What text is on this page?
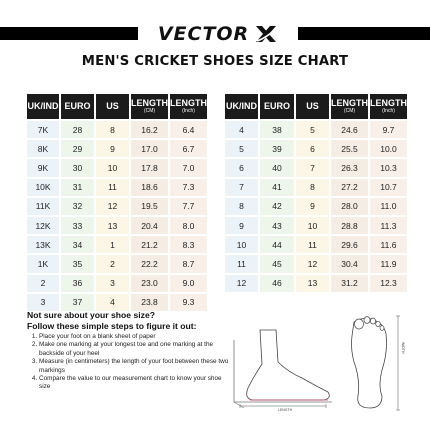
VECTOR
MEN'S CRICKET SHOES SIZE CHART
UK/IND	EURO	US	LENGTH
(CM)	LENGTH
(Inch)

7K	28	8	16.2	6.4
8K	29	9	17.0	6.7
9K	30	10	17.8	7.0
10K	31	11	18.6	7.3
11K	32	12	19.5	7.7
12K	33	13	20.4	8.0
13K	34	1	21.2	8.3
1K	35	2	22.2	8.7
2	36	3	23.0	9.0
3	37	4	23.8	9.3
UK/IND	EURO	US	LENGTH
(CM)	LENGTH
(Inch)

4	38	5	24.6	9.7
5	39	6	25.5	10.0
6	40	7	26.3	10.3
7	41	8	27.2	10.7
8	42	9	28.0	11.0
9	43	10	28.8	11.3
10	44	11	29.6	11.6
11	45	12	30.4	11.9
12	46	13	31.2	12.3
Not sure about your shoe size?
Follow these simple steps to figure it out:
1. Place your foot on a blank sheet of paper
2. Make one marking at your longest toe and one marking at the backside of your heel
3. Measure (in centimeters) the length of your foot between these two markings
4. Compare the value to our measurement chart to know your shoe size
LENGTH
WIDTH
